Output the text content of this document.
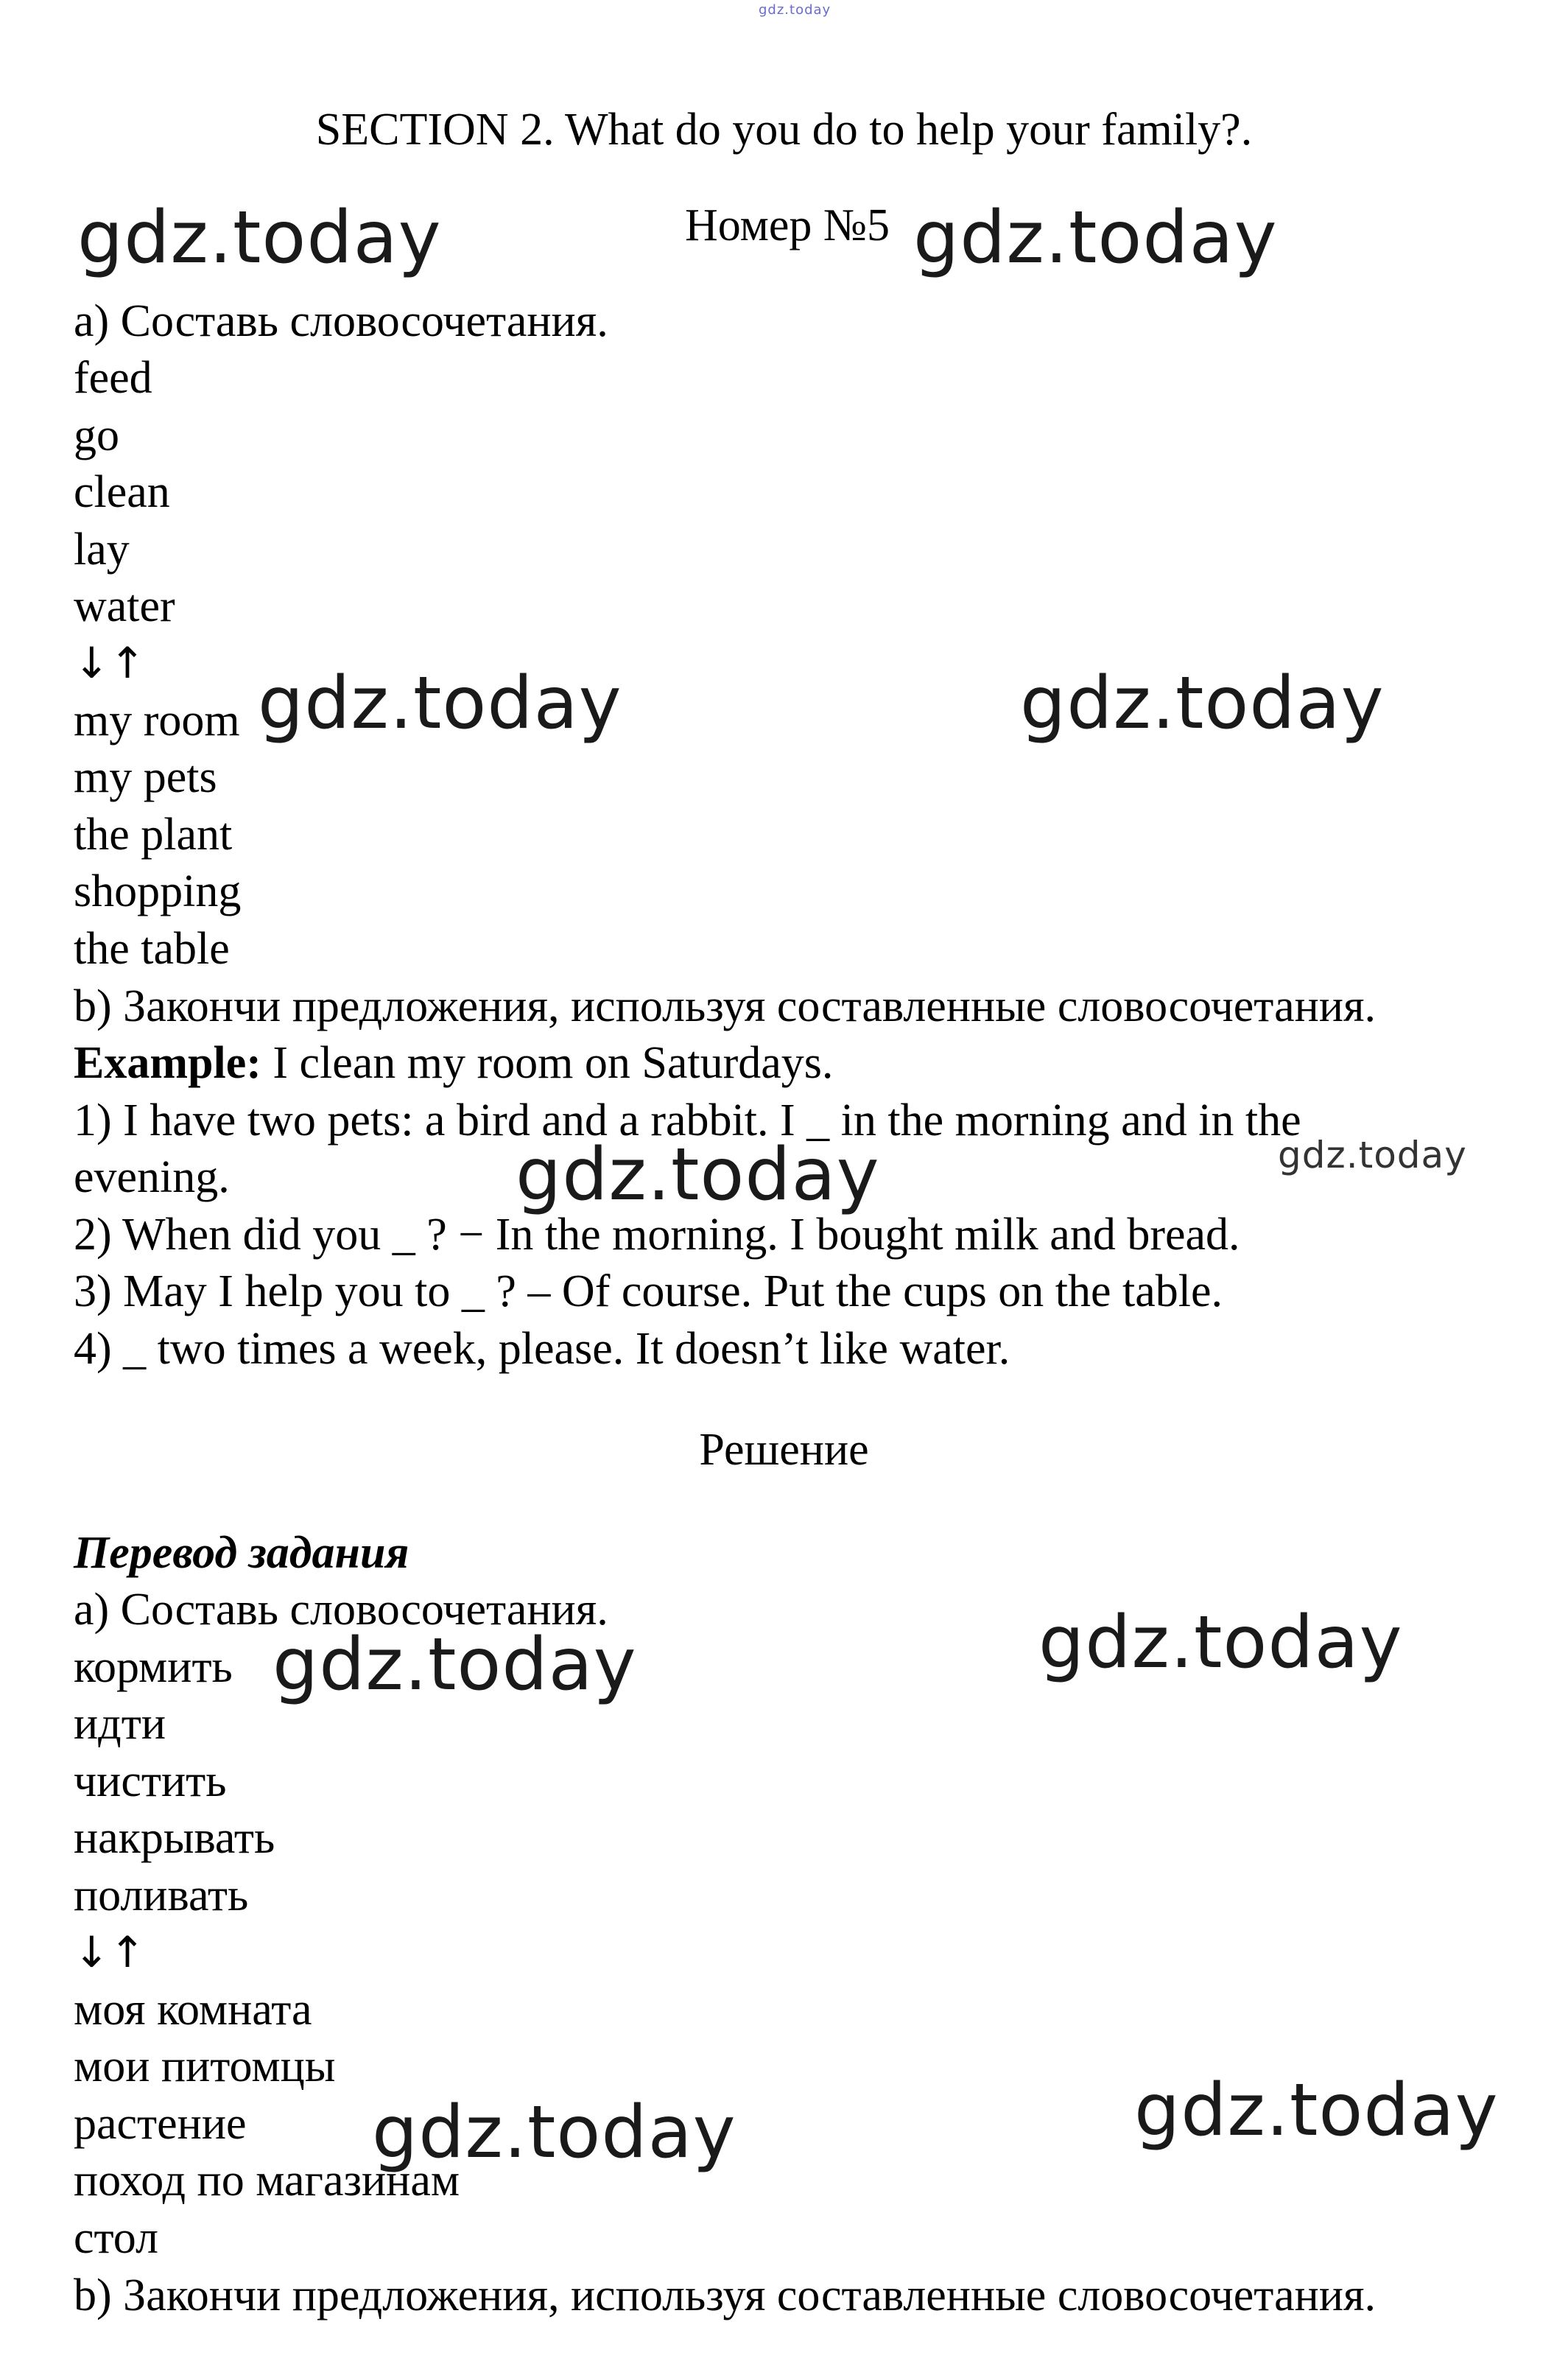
gdz.today
SECTION 2. What do you do to help your family?.
Номер №5
gdz.today	gdz.today
gdz.today	gdz.today
gdz.today	gdz.today
gdz.today	gdz.today
gdz.today	gdz.today
a) Составь словосочетания.
feed
go
clean
lay
water
↓↑
my room
my pets
the plant
shopping
the table
b) Закончи предложения, используя составленные словосочетания.
Example: I clean my room on Saturdays.
1) I have two pets: a bird and a rabbit. I _ in the morning and in the
evening.
2) When did you _ ? − In the morning. I bought milk and bread.
3) May I help you to _ ? – Of course. Put the cups on the table.
4) _ two times a week, please. It doesn’t like water.
Решение
Перевод задания
a) Составь словосочетания.
кормить
идти
чистить
накрывать
поливать
↓↑
моя комната
мои питомцы
растение
поход по магазинам
стол
b) Закончи предложения, используя составленные словосочетания.
